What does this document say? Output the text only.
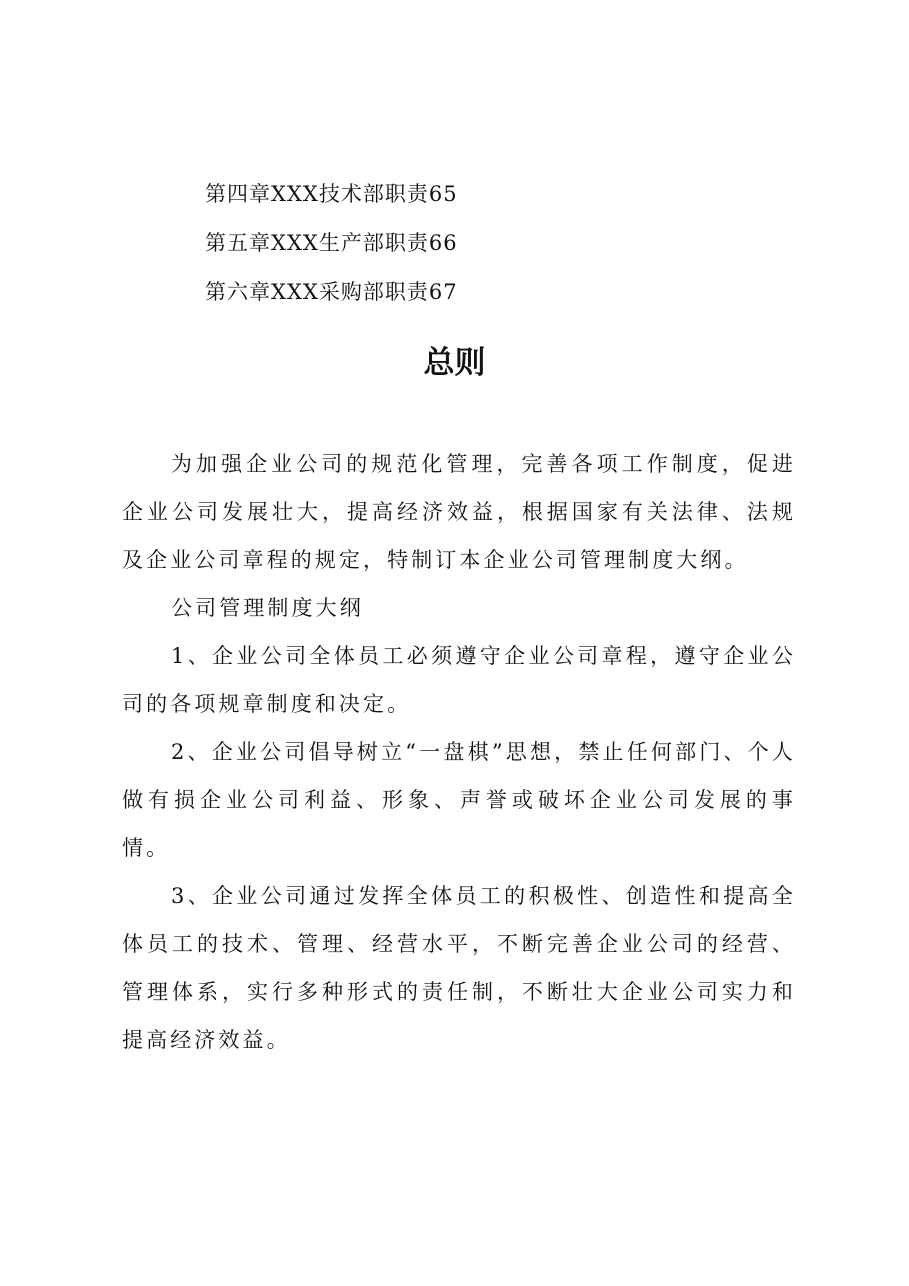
第四章XXX技术部职责65
第五章XXX生产部职责66
第六章XXX采购部职责67
总则

为加强企业公司的规范化管理，完善各项工作制度，促进企业公司发展壮大，提高经济效益，根据国家有关法律、法规及企业公司章程的规定，特制订本企业公司管理制度大纲。

公司管理制度大纲

1、企业公司全体员工必须遵守企业公司章程，遵守企业公司的各项规章制度和决定。

2、企业公司倡导树立“一盘棋”思想，禁止任何部门、个人做有损企业公司利益、形象、声誉或破坏企业公司发展的事情。

3、企业公司通过发挥全体员工的积极性、创造性和提高全体员工的技术、管理、经营水平，不断完善企业公司的经营、管理体系，实行多种形式的责任制，不断壮大企业公司实力和提高经济效益。
